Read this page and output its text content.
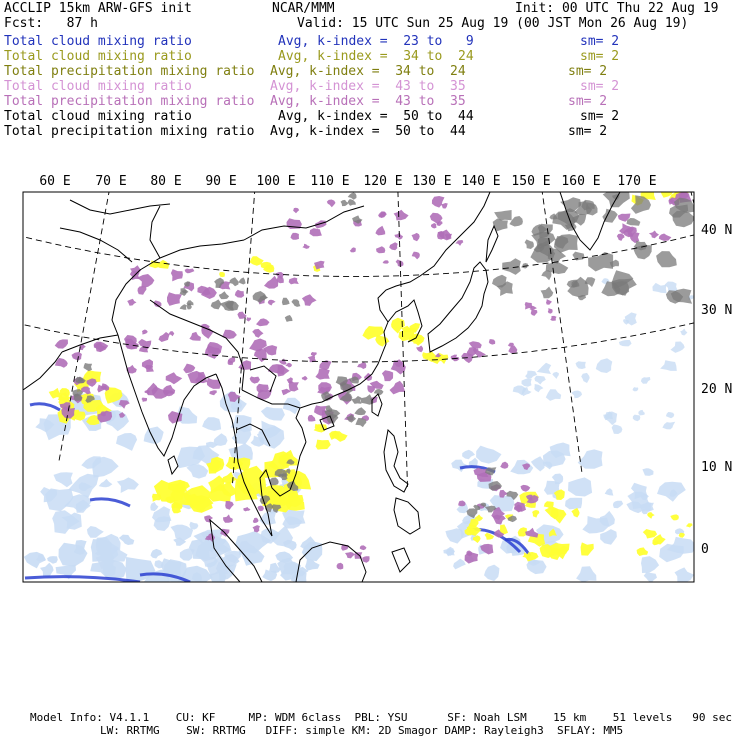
ACCLIP 15km ARW-GFS init	NCAR/MMM	Init: 00 UTC Thu 22 Aug 19
Fcst:   87 h	Valid: 15 UTC Sun 25 Aug 19 (00 JST Mon 26 Aug 19)
Total cloud mixing ratio	Avg, k-index =  23 to   9	sm= 2
Total cloud mixing ratio	Avg, k-index =  34 to  24	sm= 2
Total precipitation mixing ratio Avg, k-index =  34 to  24	sm= 2
Total cloud mixing ratio	Avg, k-index =  43 to  35	sm= 2
Total precipitation mixing ratio Avg, k-index =  43 to  35	sm= 2
Total cloud mixing ratio	Avg, k-index =  50 to  44	sm= 2
Total precipitation mixing ratio Avg, k-index =  50 to  44	sm= 2
60 E 70 E 80 E 90 E 100 E 110 E 120 E 130 E 140 E 150 E 160 E 170 E
40 N
30 N
20 N
10 N
0
Model Info: V4.1.1    CU: KF     MP: WDM 6class  PBL: YSU      SF: Noah LSM    15 km    51 levels   90 sec
LW: RRTMG    SW: RRTMG   DIFF: simple KM: 2D Smagor DAMP: Rayleigh3  SFLAY: MM5
